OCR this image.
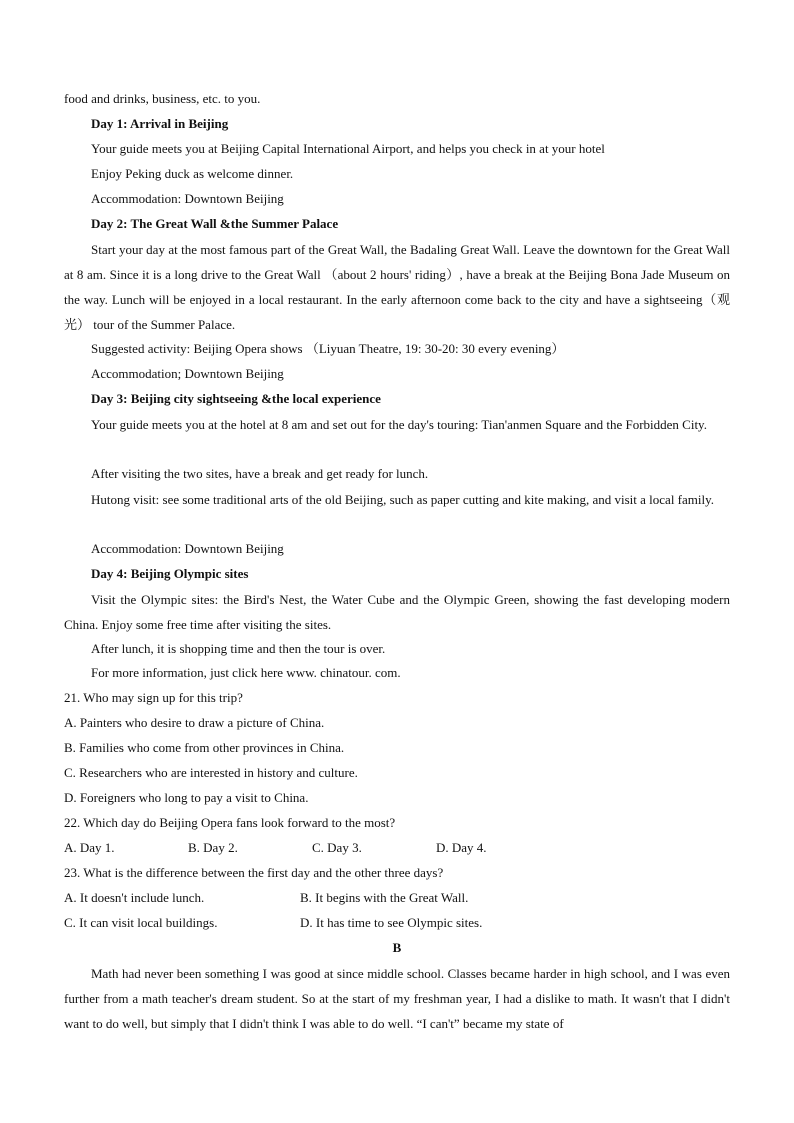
food and drinks, business, etc. to you.
Day 1: Arrival in Beijing
Your guide meets you at Beijing Capital International Airport, and helps you check in at your hotel
Enjoy Peking duck as welcome dinner.
Accommodation: Downtown Beijing
Day 2: The Great Wall &the Summer Palace
Start your day at the most famous part of the Great Wall, the Badaling Great Wall. Leave the downtown for the Great Wall at 8 am. Since it is a long drive to the Great Wall （about 2 hours' riding）, have a break at the Beijing Bona Jade Museum on the way. Lunch will be enjoyed in a local restaurant. In the early afternoon come back to the city and have a sightseeing（观光） tour of the Summer Palace.
Suggested activity: Beijing Opera shows （Liyuan Theatre, 19: 30-20: 30 every evening）
Accommodation; Downtown Beijing
Day 3: Beijing city sightseeing &the local experience
Your guide meets you at the hotel at 8 am and set out for the day's touring: Tian'anmen Square and the Forbidden City.
After visiting the two sites, have a break and get ready for lunch.
Hutong visit: see some traditional arts of the old Beijing, such as paper cutting and kite making, and visit a local family.
Accommodation: Downtown Beijing
Day 4: Beijing Olympic sites
Visit the Olympic sites: the Bird's Nest, the Water Cube and the Olympic Green, showing the fast developing modern China. Enjoy some free time after visiting the sites.
After lunch, it is shopping time and then the tour is over.
For more information, just click here www. chinatour. com.
21. Who may sign up for this trip?
A. Painters who desire to draw a picture of China.
B. Families who come from other provinces in China.
C. Researchers who are interested in history and culture.
D. Foreigners who long to pay a visit to China.
22. Which day do Beijing Opera fans look forward to the most?
A. Day 1.	B. Day 2.	C. Day 3.	D. Day 4.
23. What is the difference between the first day and the other three days?
A. It doesn't include lunch.	B. It begins with the Great Wall.
C. It can visit local buildings.	D. It has time to see Olympic sites.
B
Math had never been something I was good at since middle school. Classes became harder in high school, and I was even further from a math teacher's dream student. So at the start of my freshman year, I had a dislike to math. It wasn't that I didn't want to do well, but simply that I didn't think I was able to do well. “I can't” became my state of
